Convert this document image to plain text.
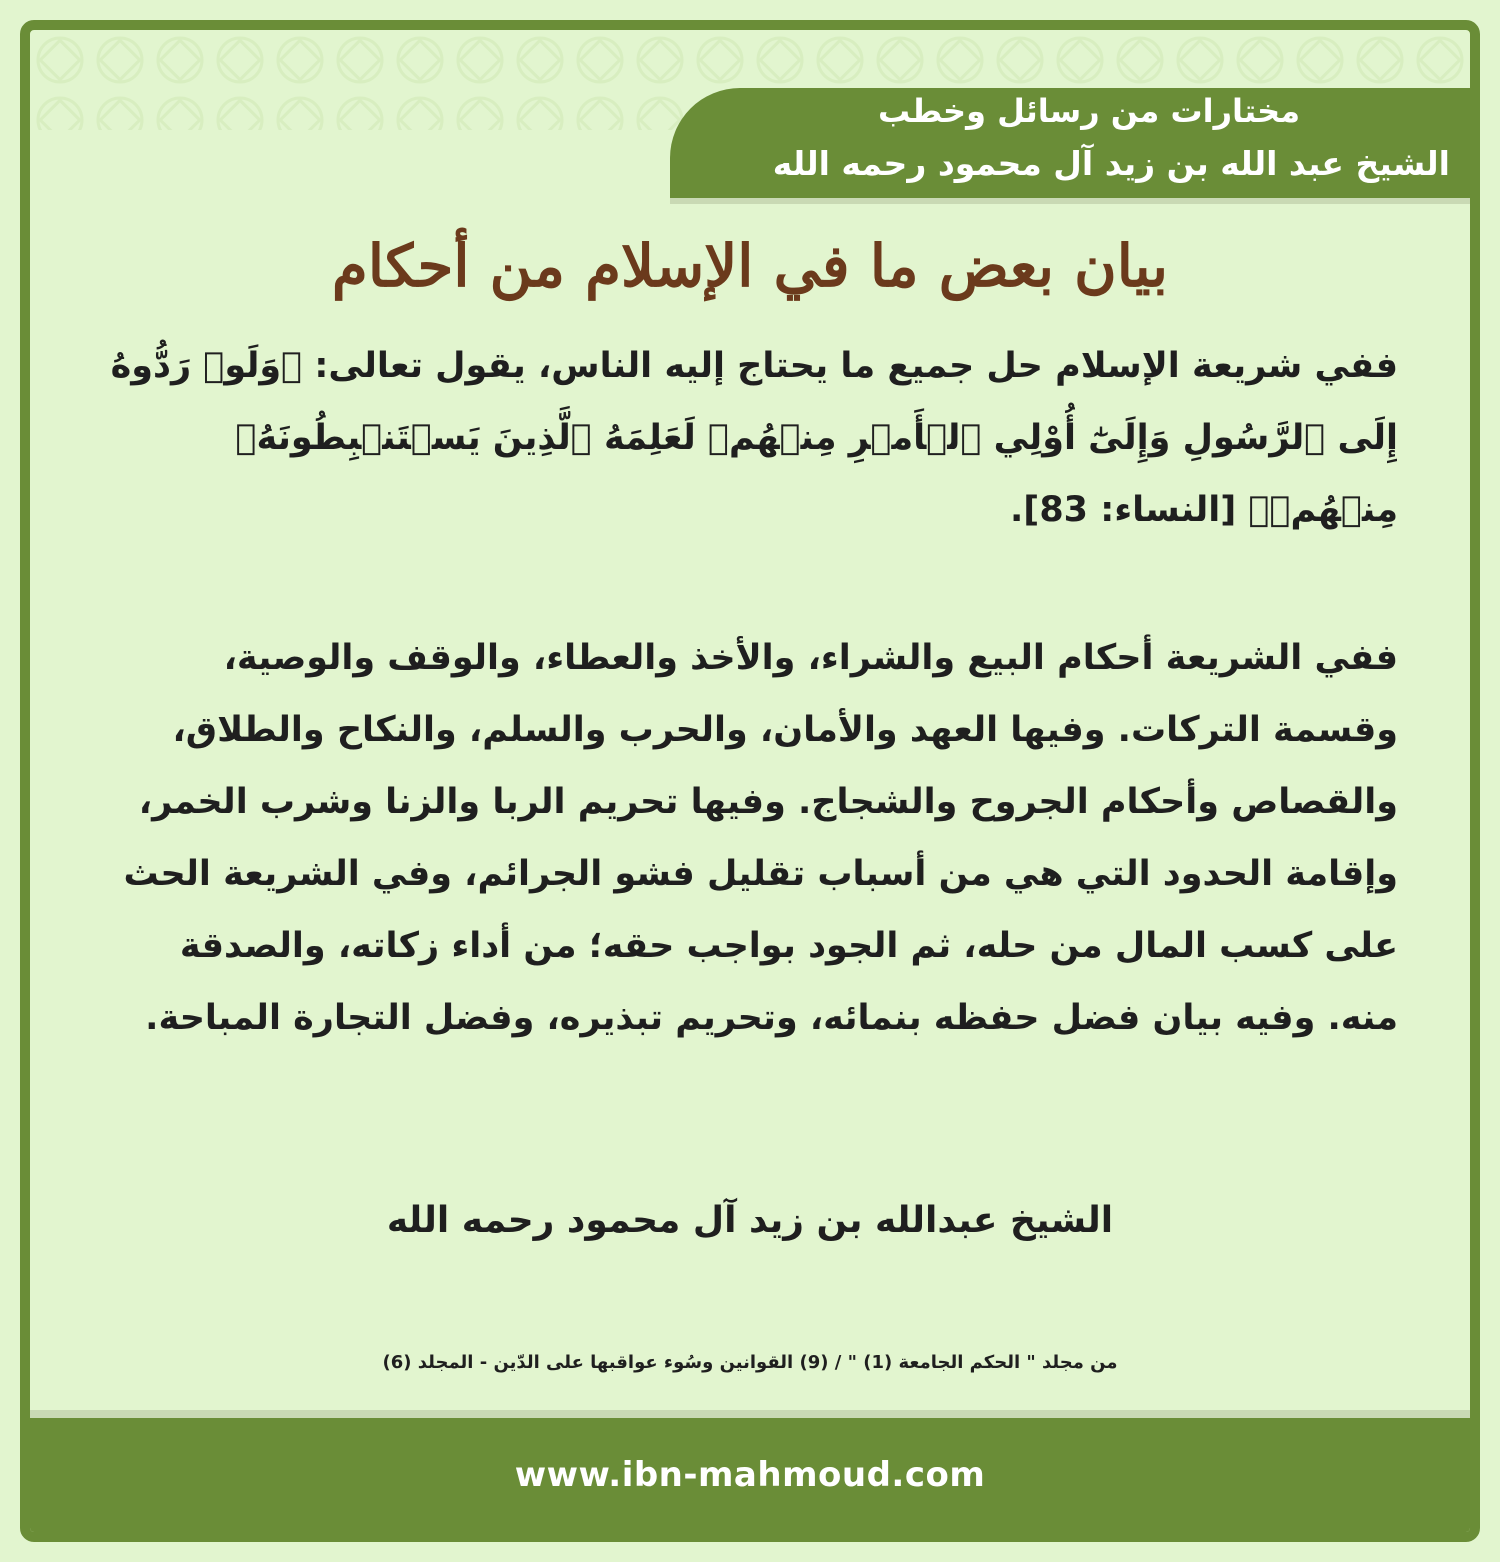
مختارات من رسائل وخطب
الشيخ عبد الله بن زيد آل محمود رحمه الله
بيان بعض ما في الإسلام من أحكام

ففي شريعة الإسلام حل جميع ما يحتاج إليه الناس، يقول تعالى: ﴿وَلَوۡ رَدُّوهُ إِلَى ٱلرَّسُولِ وَإِلَىٰٓ أُوْلِي ٱلۡأَمۡرِ مِنۡهُمۡ لَعَلِمَهُ ٱلَّذِينَ يَسۡتَنۢبِطُونَهُۥ مِنۡهُمۡ﴾ [النساء: 83].

ففي الشريعة أحكام البيع والشراء، والأخذ والعطاء، والوقف والوصية، وقسمة التركات. وفيها العهد والأمان، والحرب والسلم، والنكاح والطلاق، والقصاص وأحكام الجروح والشجاج. وفيها تحريم الربا والزنا وشرب الخمر، وإقامة الحدود التي هي من أسباب تقليل فشو الجرائم، وفي الشريعة الحث على كسب المال من حله، ثم الجود بواجب حقه؛ من أداء زكاته، والصدقة منه. وفيه بيان فضل حفظه بنمائه، وتحريم تبذيره، وفضل التجارة المباحة.

الشيخ عبدالله بن زيد آل محمود رحمه الله
من مجلد " الحكم الجامعة (1) " / (9) القوانين وسُوء عواقبها على الدّين - المجلد (6)
www.ibn-mahmoud.com
